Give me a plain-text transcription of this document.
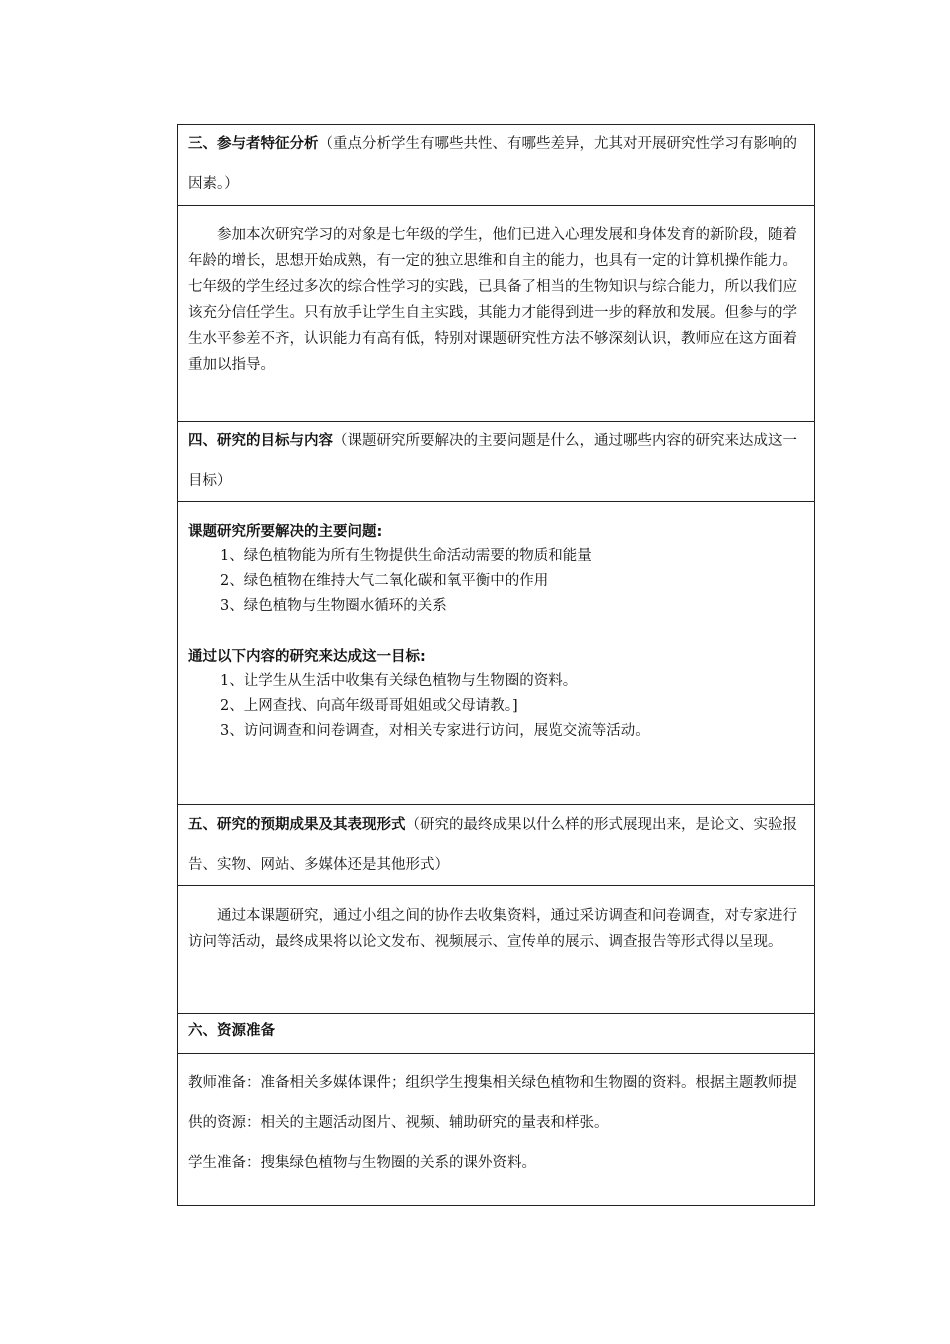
三、参与者特征分析（重点分析学生有哪些共性、有哪些差异，尤其对开展研究性学习有影响的因素。）
参加本次研究学习的对象是七年级的学生，他们已进入心理发展和身体发育的新阶段，随着年龄的增长，思想开始成熟，有一定的独立思维和自主的能力，也具有一定的计算机操作能力。七年级的学生经过多次的综合性学习的实践，已具备了相当的生物知识与综合能力，所以我们应该充分信任学生。只有放手让学生自主实践，其能力才能得到进一步的释放和发展。但参与的学生水平参差不齐，认识能力有高有低，特别对课题研究性方法不够深刻认识，教师应在这方面着重加以指导。
四、研究的目标与内容（课题研究所要解决的主要问题是什么，通过哪些内容的研究来达成这一目标）
课题研究所要解决的主要问题:
1、绿色植物能为所有生物提供生命活动需要的物质和能量
2、绿色植物在维持大气二氧化碳和氧平衡中的作用
3、绿色植物与生物圈水循环的关系
通过以下内容的研究来达成这一目标:
1、让学生从生活中收集有关绿色植物与生物圈的资料。
2、上网查找、向高年级哥哥姐姐或父母请教。]
3、访问调查和问卷调查，对相关专家进行访问，展览交流等活动。
五、研究的预期成果及其表现形式（研究的最终成果以什么样的形式展现出来，是论文、实验报告、实物、网站、多媒体还是其他形式）
通过本课题研究，通过小组之间的协作去收集资料，通过采访调查和问卷调查，对专家进行访问等活动，最终成果将以论文发布、视频展示、宣传单的展示、调查报告等形式得以呈现。
六、资源准备
教师准备：准备相关多媒体课件；组织学生搜集相关绿色植物和生物圈的资料。根据主题教师提供的资源：相关的主题活动图片、视频、辅助研究的量表和样张。
学生准备：搜集绿色植物与生物圈的关系的课外资料。
